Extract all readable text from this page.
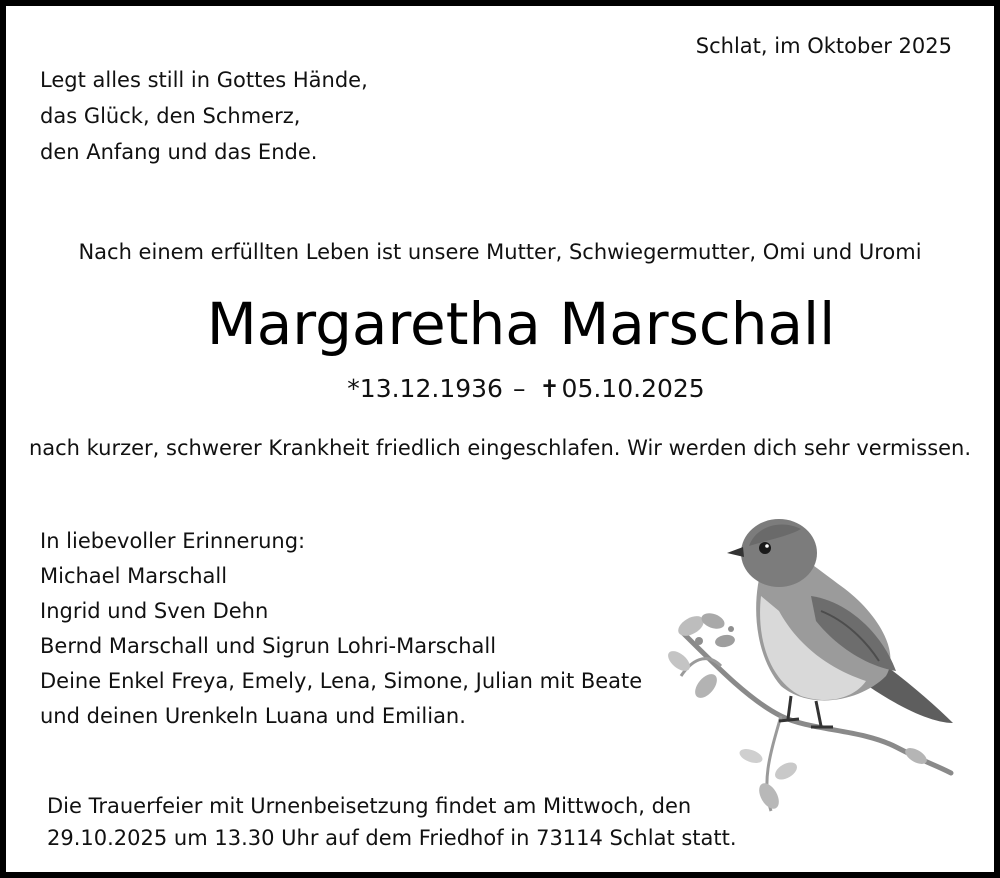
Schlat, im Oktober 2025
Legt alles still in Gottes Hände,
das Glück, den Schmerz,
den Anfang und das Ende.
Nach einem erfüllten Leben ist unsere Mutter, Schwiegermutter, Omi und Uromi
Margaretha Marschall
*13.12.1936 – ✝05.10.2025
nach kurzer, schwerer Krankheit friedlich eingeschlafen. Wir werden dich sehr vermissen.
In liebevoller Erinnerung:
Michael Marschall
Ingrid und Sven Dehn
Bernd Marschall und Sigrun Lohri-Marschall
Deine Enkel Freya, Emely, Lena, Simone, Julian mit Beate
und deinen Urenkeln Luana und Emilian.
Die Trauerfeier mit Urnenbeisetzung findet am Mittwoch, den
29.10.2025 um 13.30 Uhr auf dem Friedhof in 73114 Schlat statt.
